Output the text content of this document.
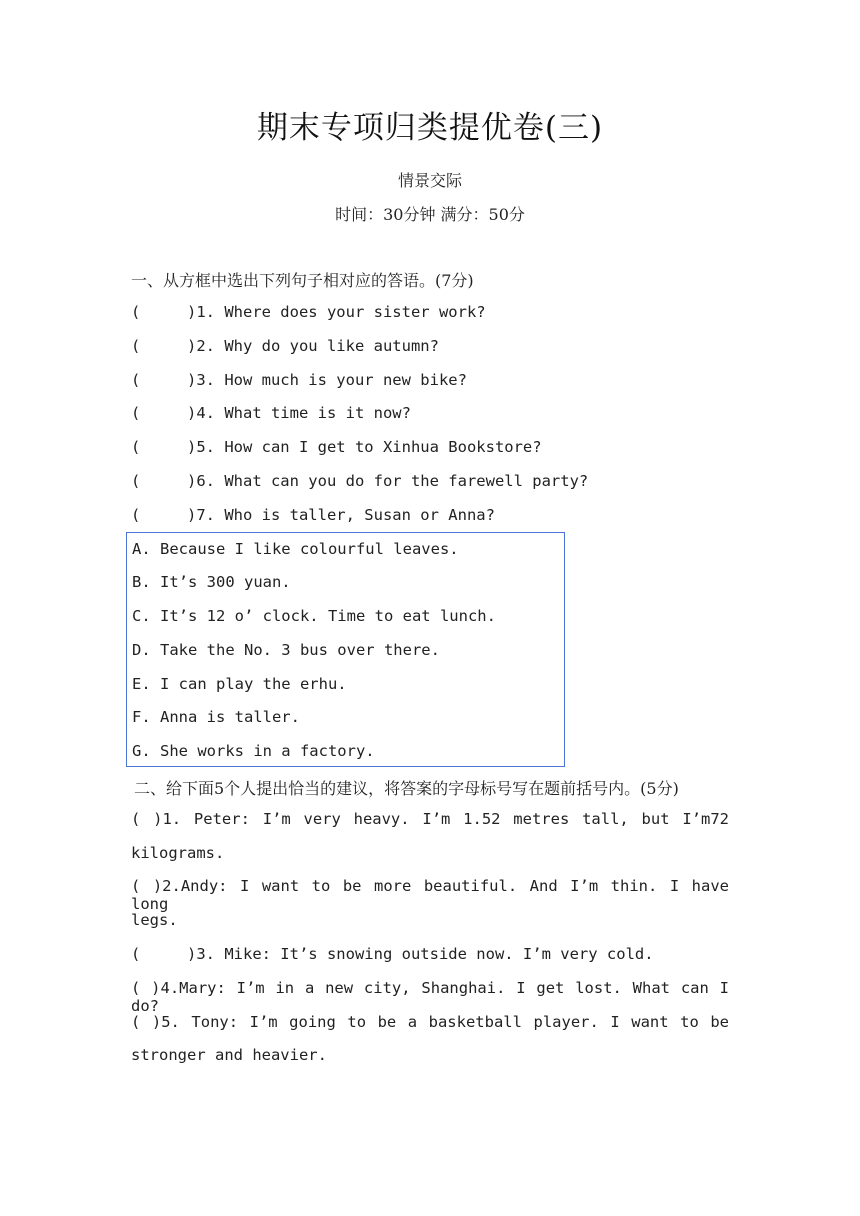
期末专项归类提优卷(三)
情景交际
时间：30分钟 满分：50分
一、从方框中选出下列句子相对应的答语。(7分)
(     )1. Where does your sister work?
(     )2. Why do you like autumn?
(     )3. How much is your new bike?
(     )4. What time is it now?
(     )5. How can I get to Xinhua Bookstore?
(     )6. What can you do for the farewell party?
(     )7. Who is taller, Susan or Anna?
A. Because I like colourful leaves.
B. It’s 300 yuan.
C. It’s 12 o’ clock. Time to eat lunch.
D. Take the No. 3 bus over there.
E. I can play the erhu.
F. Anna is taller.
G. She works in a factory.
二、给下面5个人提出恰当的建议，将答案的字母标号写在题前括号内。(5分)
( )1. Peter: I’m very heavy. I’m 1.52 metres tall, but I’m72
kilograms.
( )2.Andy: I want to be more beautiful. And I’m thin. I have long
legs.
(     )3. Mike: It’s snowing outside now. I’m very cold.
( )4.Mary: I’m in a new city, Shanghai. I get lost. What can I do?
( )5. Tony: I’m going to be a basketball player. I want to be
stronger and heavier.
